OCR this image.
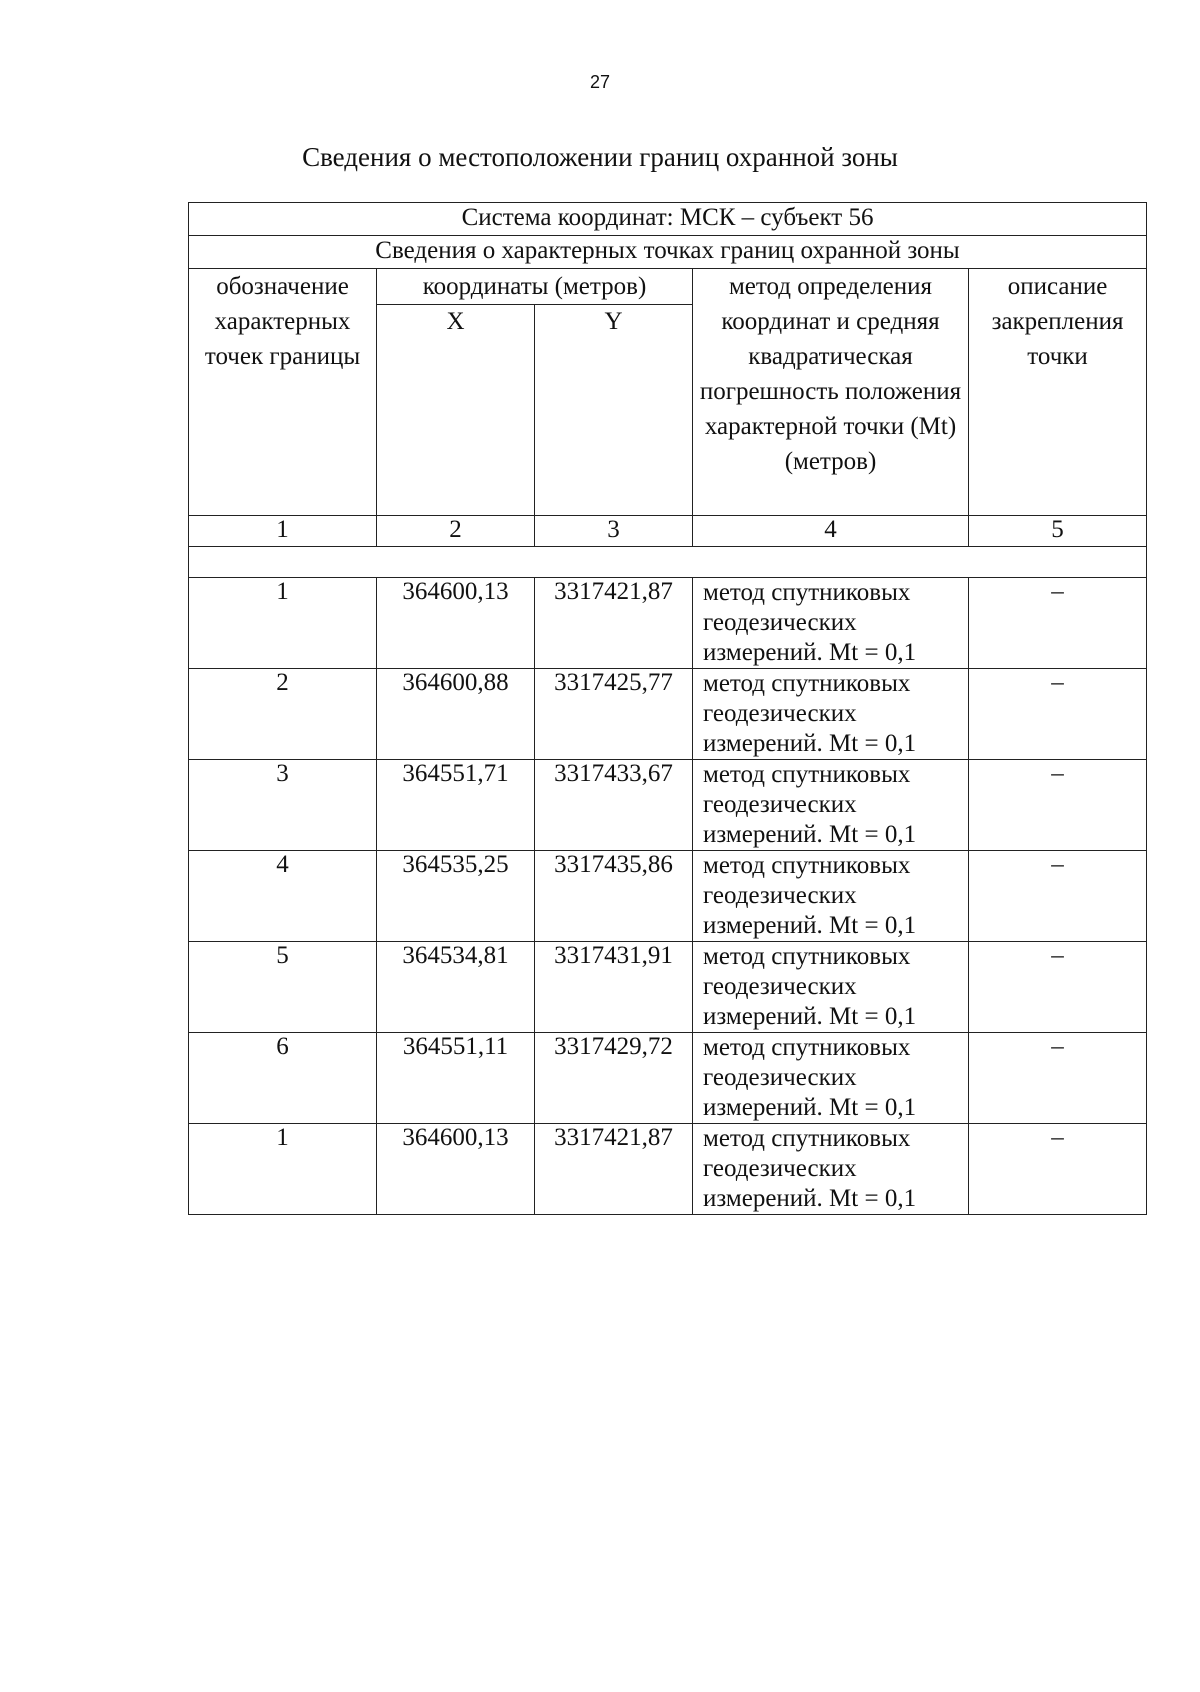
27
Сведения о местоположении границ охранной зоны
Система координат: МСК – субъект 56				
Сведения о характерных точках границ охранной зоны				
обозначение характерных точек границы	координаты (метров)		метод определения координат и средняя квадратическая погрешность положения характерной точки (Mt) (метров)	описание закрепления точки
	X	Y		
1	2	3	4	5

1	364600,13	3317421,87	метод спутниковых геодезических измерений. Mt = 0,1	–
2	364600,88	3317425,77	метод спутниковых геодезических измерений. Mt = 0,1	–
3	364551,71	3317433,67	метод спутниковых геодезических измерений. Mt = 0,1	–
4	364535,25	3317435,86	метод спутниковых геодезических измерений. Mt = 0,1	–
5	364534,81	3317431,91	метод спутниковых геодезических измерений. Mt = 0,1	–
6	364551,11	3317429,72	метод спутниковых геодезических измерений. Mt = 0,1	–
1	364600,13	3317421,87	метод спутниковых геодезических измерений. Mt = 0,1	–
